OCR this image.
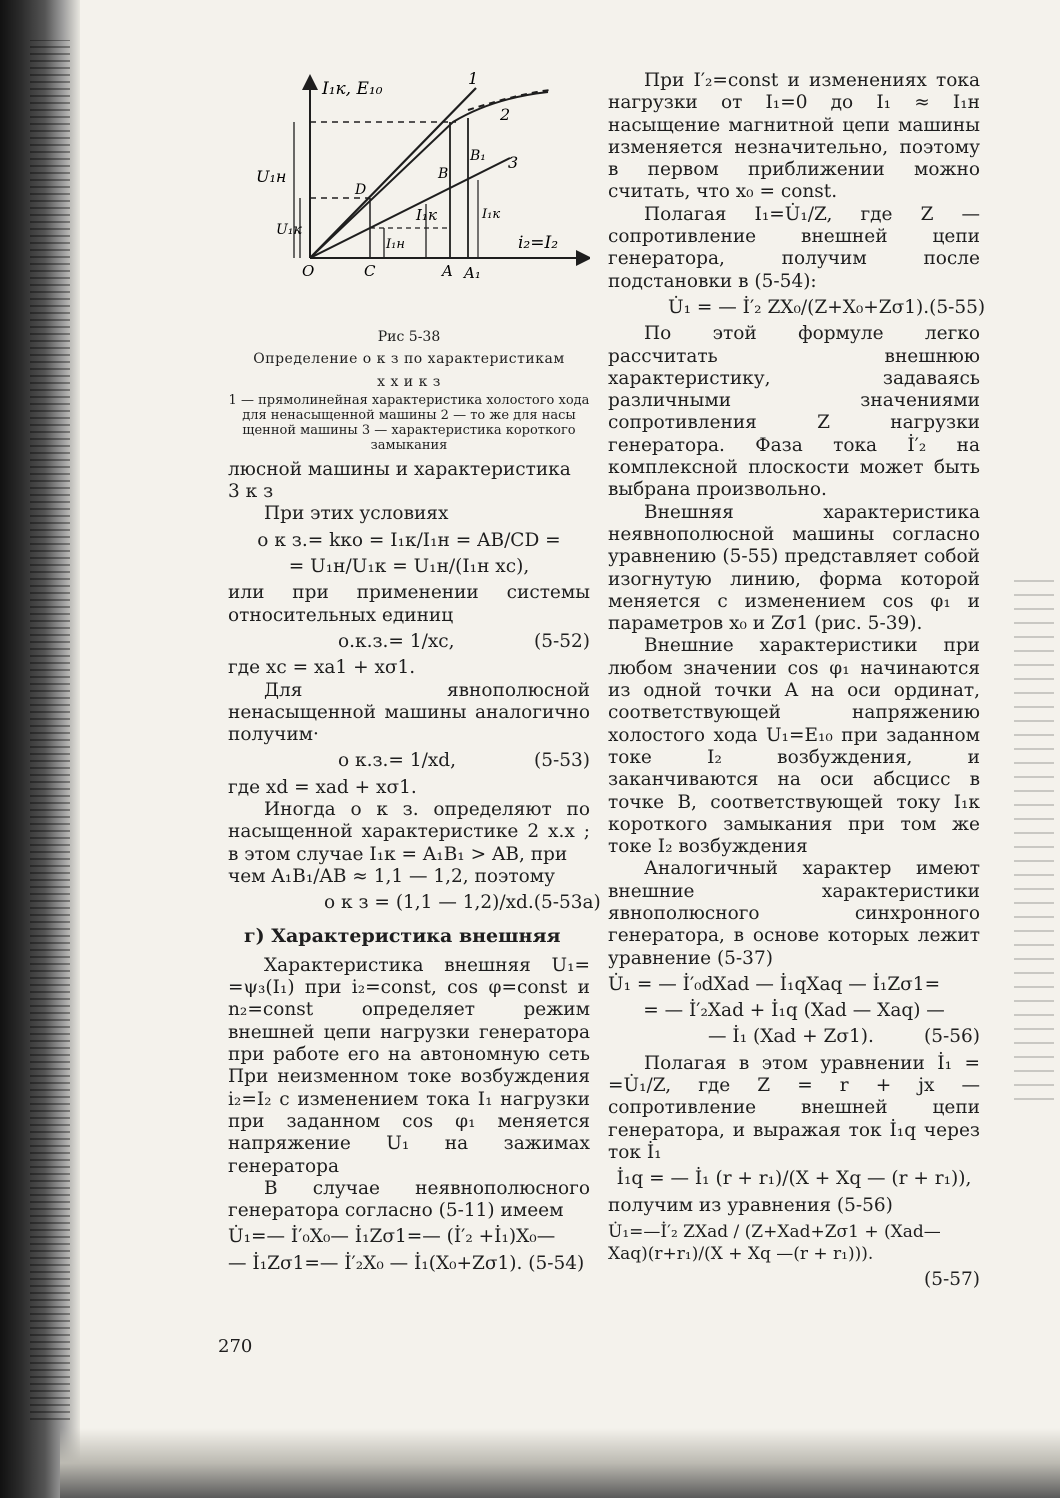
I₁к, E₁₀
i₂=I₂
1
2
3
O	C	A A₁
D
B
B₁
U₁н
U₁к
I₁к
I₁н
I₁к
Рис 5-38
Определение о к з по характеристикам
х х и к з
1 — прямолинейная характеристика холостого хода
для ненасыщенной машины 2 — то же для насы
щенной машины 3 — характеристика короткого
замыкания

люсной машины и характеристика

3 к з

При этих условиях

о к з.= kко = I₁к/I₁н = AB/CD =
= U₁н/U₁к = U₁н/(I₁н xс),

или при применении системы относительных единиц

о.к.з.= 1/xс,	(5-52)

где xс = xa1 + xσ1.

Для явнополюсной ненасыщенной машины аналогично получим·

о к.з.= 1/xd,	(5-53)

где xd = xad + xσ1.

Иногда о к з. определяют по насыщенной характеристике 2 х.х ; в этом случае I₁к = A₁B₁ > AB, при

чем A₁B₁/AB ≈ 1,1 — 1,2, поэтому

о к з = (1,1 — 1,2)/xd. (5-53а)
г) Характеристика внешняя

Характеристика внешняя U₁= =ψ₃(I₁) при i₂=const, cos φ=const и n₂=const определяет режим внешней цепи нагрузки генератора при работе его на автономную сеть При неизменном токе возбуждения i₂=I₂ с изменением тока I₁ нагрузки при заданном cos φ₁ меняется напряжение U₁ на зажимах генератора

В случае неявнополюсного генератора согласно (5-11) имеем

U̇₁=— İ′₀X₀— İ₁Zσ1=— (İ′₂ +İ₁)X₀—
— İ₁Zσ1=— İ′₂X₀ — İ₁(X₀+Zσ1). (5-54)

При I′₂=const и изменениях тока нагрузки от I₁=0 до I₁ ≈ I₁н насыщение магнитной цепи машины изменяется незначительно, поэтому в первом приближении можно считать, что x₀ = const.

Полагая I₁=U̇₁/Z, где Z — сопротивление внешней цепи генератора, получим после подстановки в (5-54):

U̇₁ = — İ′₂ ZX₀/(Z+X₀+Zσ1). (5-55)

По этой формуле легко рассчитать внешнюю характеристику, задаваясь различными значениями сопротивления Z нагрузки генератора. Фаза тока İ′₂ на комплексной плоскости может быть выбрана произвольно.

Внешняя характеристика неявнополюсной машины согласно уравнению (5-55) представляет собой изогнутую линию, форма которой меняется с изменением cos φ₁ и параметров x₀ и Zσ1 (рис. 5-39).

Внешние характеристики при любом значении cos φ₁ начинаются из одной точки A на оси ординат, соответствующей напряжению холостого хода U₁=E₁₀ при заданном токе I₂ возбуждения, и заканчиваются на оси абсцисс в точке B, соответствующей току I₁к короткого замыкания при том же токе I₂ возбуждения

Аналогичный характер имеют внешние характеристики явнополюсного синхронного генератора, в основе которых лежит уравнение (5-37)

U̇₁ = — İ′₀dXad — İ₁qXaq — İ₁Zσ1=
= — İ′₂Xad + İ₁q (Xad — Xaq) —
— İ₁ (Xad + Zσ1).	(5-56)

Полагая в этом уравнении İ₁ = =U̇₁/Z, где Z = r + jx — сопротивление внешней цепи генератора, и выражая ток İ₁q через ток İ₁

İ₁q = — İ₁ (r + r₁)/(X + Xq — (r + r₁)),

получим из уравнения (5-56)

U̇₁=—İ′₂ ZXad / (Z+Xad+Zσ1 + (Xad—Xaq)(r+r₁)/(X + Xq —(r + r₁))).
(5-57)
270
